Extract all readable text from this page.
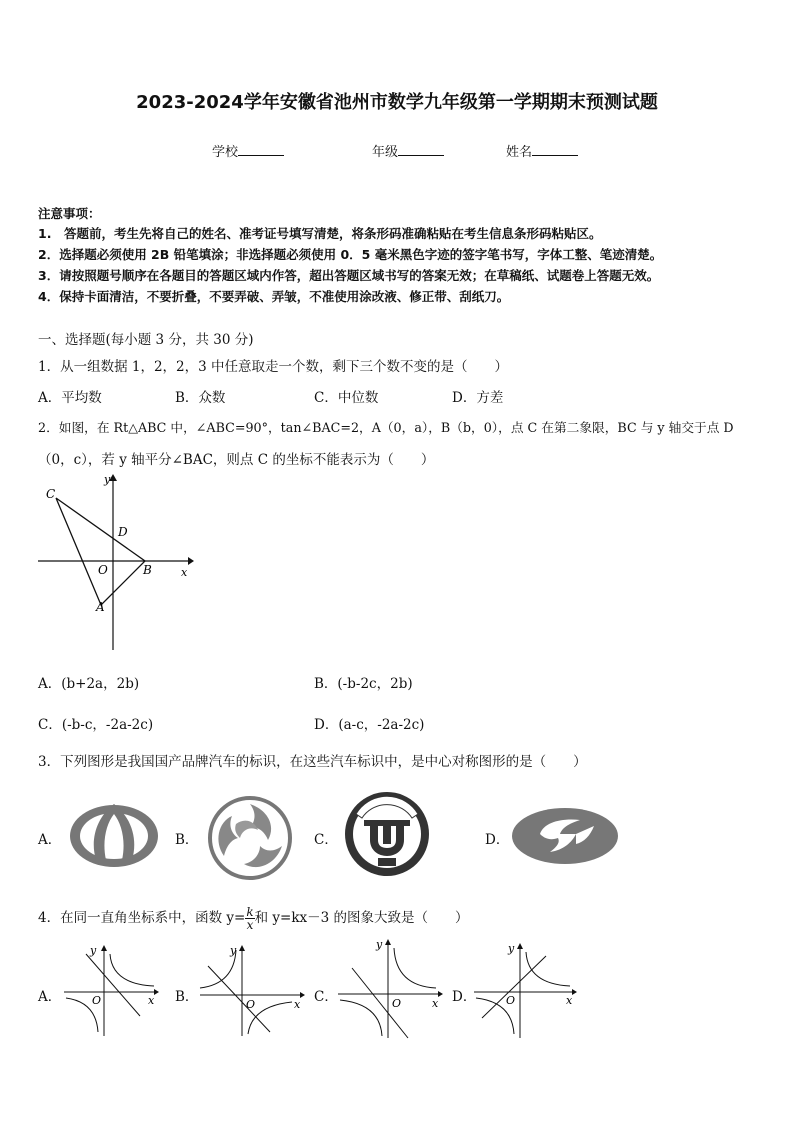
2023-2024学年安徽省池州市数学九年级第一学期期末预测试题
学校	年级	姓名
注意事项：
1.　答题前，考生先将自己的姓名、准考证号填写清楚，将条形码准确粘贴在考生信息条形码粘贴区。
2．选择题必须使用 2B 铅笔填涂；非选择题必须使用 0．5 毫米黑色字迹的签字笔书写，字体工整、笔迹清楚。
3．请按照题号顺序在各题目的答题区域内作答，超出答题区域书写的答案无效；在草稿纸、试题卷上答题无效。
4．保持卡面清洁，不要折叠，不要弄破、弄皱，不准使用涂改液、修正带、刮纸刀。
一、选择题(每小题 3 分，共 30 分)
1．从一组数据 1，2，2，3 中任意取走一个数，剩下三个数不变的是（　　）
A．平均数	B．众数	C．中位数	D．方差
2．如图，在 Rt△ABC 中，∠ABC=90°，tan∠BAC=2，A（0，a），B（b，0），点 C 在第二象限，BC 与 y 轴交于点 D
（0，c），若 y 轴平分∠BAC，则点 C 的坐标不能表示为（　　）
C
D
O	B
A
x
y
A．(b+2a，2b)	B．(-b-2c，2b)
C．(-b-c，-2a-2c)	D．(a-c，-2a-2c)
3．下列图形是我国国产品牌汽车的标识，在这些汽车标识中，是中心对称图形的是（　　）
A．	B．	C．	D．
4．在同一直角坐标系中，函数 $y= \frac{k}{x}$ 和 y=kx－3 的图象大致是（　　）
A．
y
O	x B．
y
O	x C．
y
O	x D．
y
O	x
